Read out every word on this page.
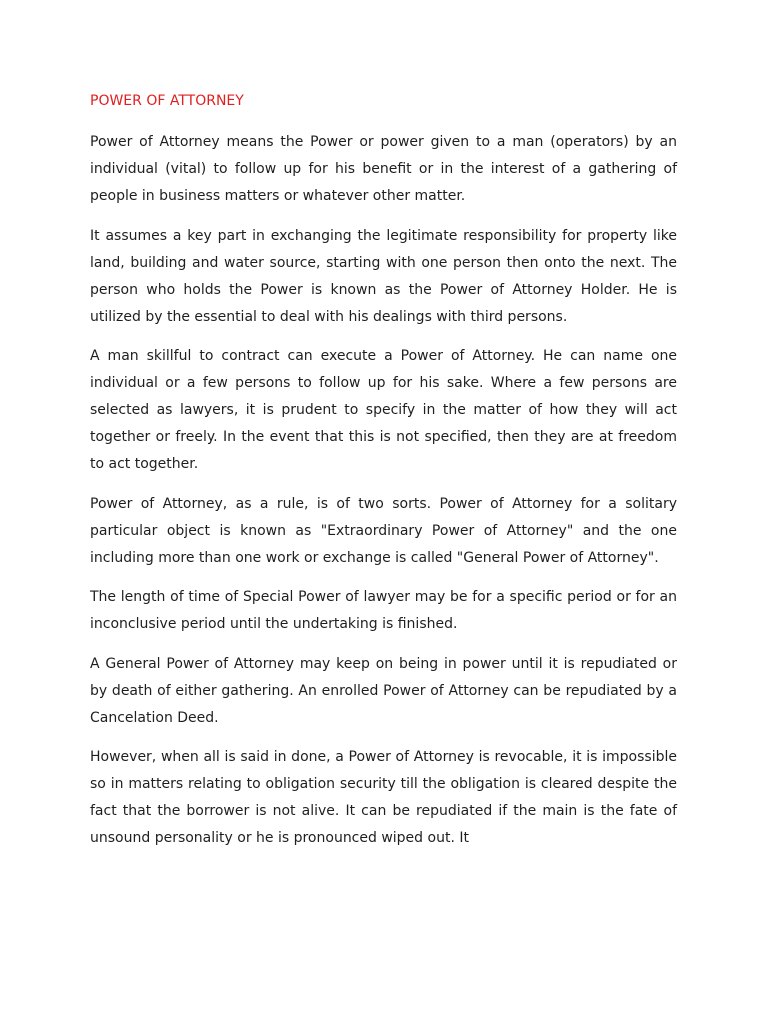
POWER OF ATTORNEY

Power of Attorney means the Power or power given to a man (operators) by an individual (vital) to follow up for his benefit or in the interest of a gathering of people in business matters or whatever other matter.

It assumes a key part in exchanging the legitimate responsibility for property like land, building and water source, starting with one person then onto the next. The person who holds the Power is known as the Power of Attorney Holder. He is utilized by the essential to deal with his dealings with third persons.

A man skillful to contract can execute a Power of Attorney. He can name one individual or a few persons to follow up for his sake. Where a few persons are selected as lawyers, it is prudent to specify in the matter of how they will act together or freely. In the event that this is not specified, then they are at freedom to act together.

Power of Attorney, as a rule, is of two sorts. Power of Attorney for a solitary particular object is known as "Extraordinary Power of Attorney" and the one including more than one work or exchange is called "General Power of Attorney".

The length of time of Special Power of lawyer may be for a specific period or for an inconclusive period until the undertaking is finished.

A General Power of Attorney may keep on being in power until it is repudiated or by death of either gathering. An enrolled Power of Attorney can be repudiated by a Cancelation Deed.

However, when all is said in done, a Power of Attorney is revocable, it is impossible so in matters relating to obligation security till the obligation is cleared despite the fact that the borrower is not alive. It can be repudiated if the main is the fate of unsound personality or he is pronounced wiped out. It
